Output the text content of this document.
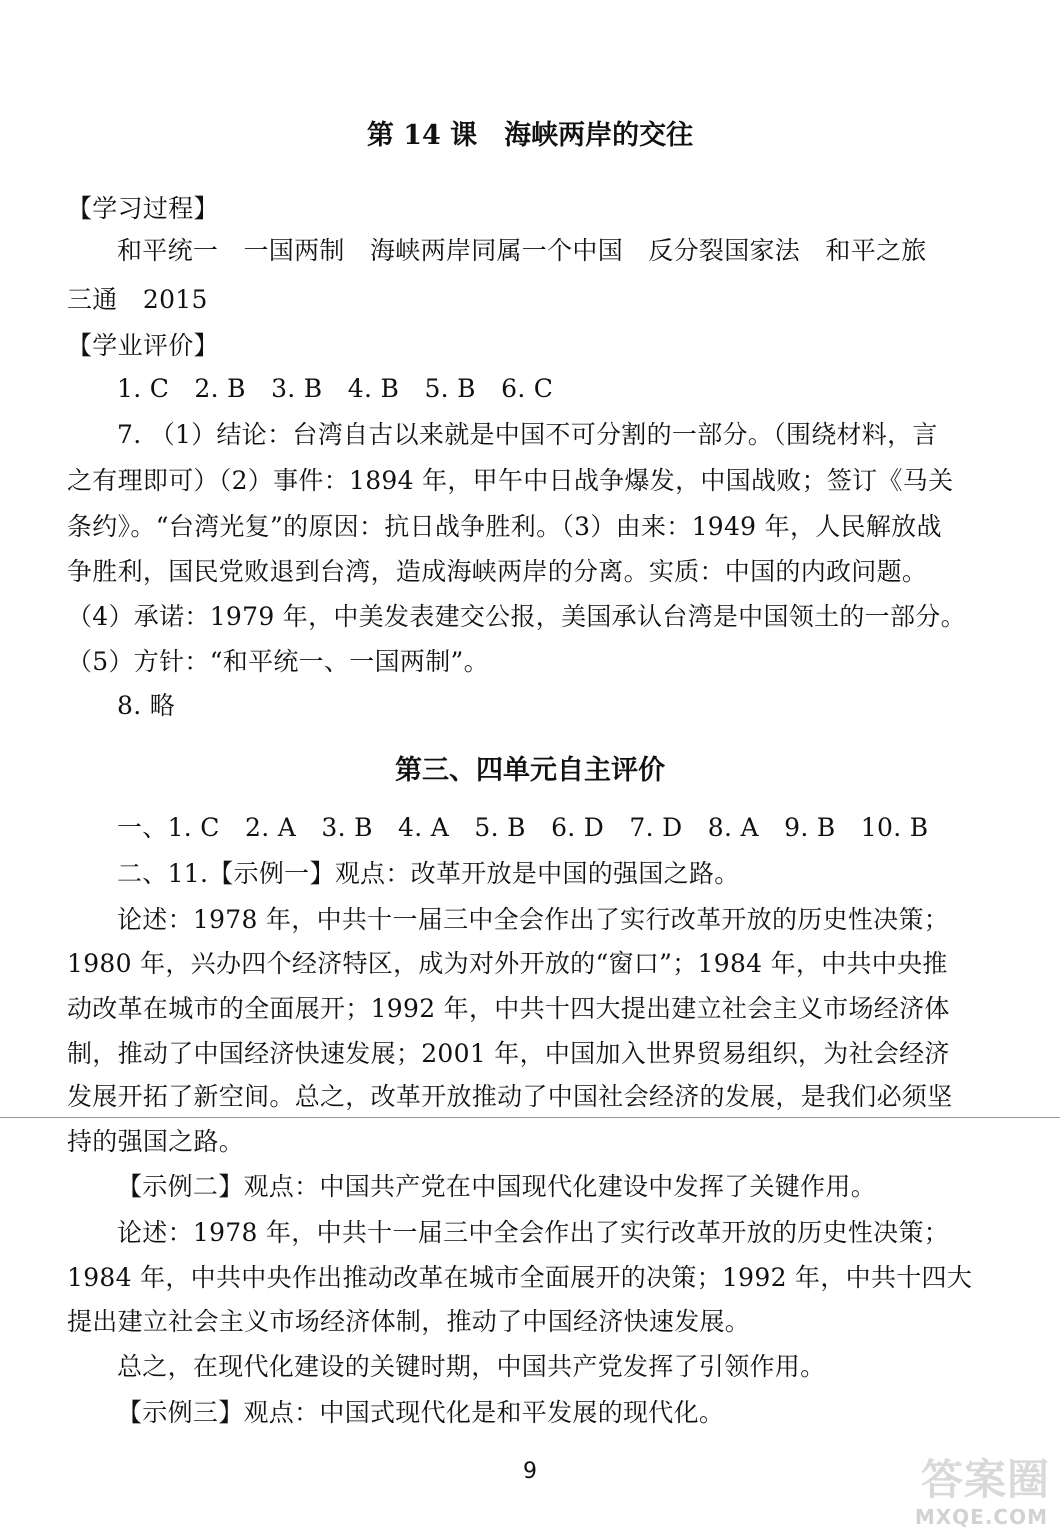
第 14 课　海峡两岸的交往
【学习过程】
和平统一　一国两制　海峡两岸同属一个中国　反分裂国家法　和平之旅
三通　2015
【学业评价】
1. C　2. B　3. B　4. B　5. B　6. C
7. （1）结论：台湾自古以来就是中国不可分割的一部分。（围绕材料，言
之有理即可）（2）事件：1894 年，甲午中日战争爆发，中国战败；签订《马关
条约》。“台湾光复”的原因：抗日战争胜利。（3）由来：1949 年，人民解放战
争胜利，国民党败退到台湾，造成海峡两岸的分离。实质：中国的内政问题。
（4）承诺：1979 年，中美发表建交公报，美国承认台湾是中国领土的一部分。
（5）方针：“和平统一、一国两制”。
8. 略
第三、四单元自主评价
一、1. C　2. A　3. B　4. A　5. B　6. D　7. D　8. A　9. B　10. B
二、11.【示例一】观点：改革开放是中国的强国之路。
论述：1978 年，中共十一届三中全会作出了实行改革开放的历史性决策；
1980 年，兴办四个经济特区，成为对外开放的“窗口”；1984 年，中共中央推
动改革在城市的全面展开；1992 年，中共十四大提出建立社会主义市场经济体
制，推动了中国经济快速发展；2001 年，中国加入世界贸易组织，为社会经济
发展开拓了新空间。总之，改革开放推动了中国社会经济的发展，是我们必须坚
持的强国之路。
【示例二】观点：中国共产党在中国现代化建设中发挥了关键作用。
论述：1978 年，中共十一届三中全会作出了实行改革开放的历史性决策；
1984 年，中共中央作出推动改革在城市全面展开的决策；1992 年，中共十四大
提出建立社会主义市场经济体制，推动了中国经济快速发展。
总之，在现代化建设的关键时期，中国共产党发挥了引领作用。
【示例三】观点：中国式现代化是和平发展的现代化。
9	答案圈
MXQE.COM
